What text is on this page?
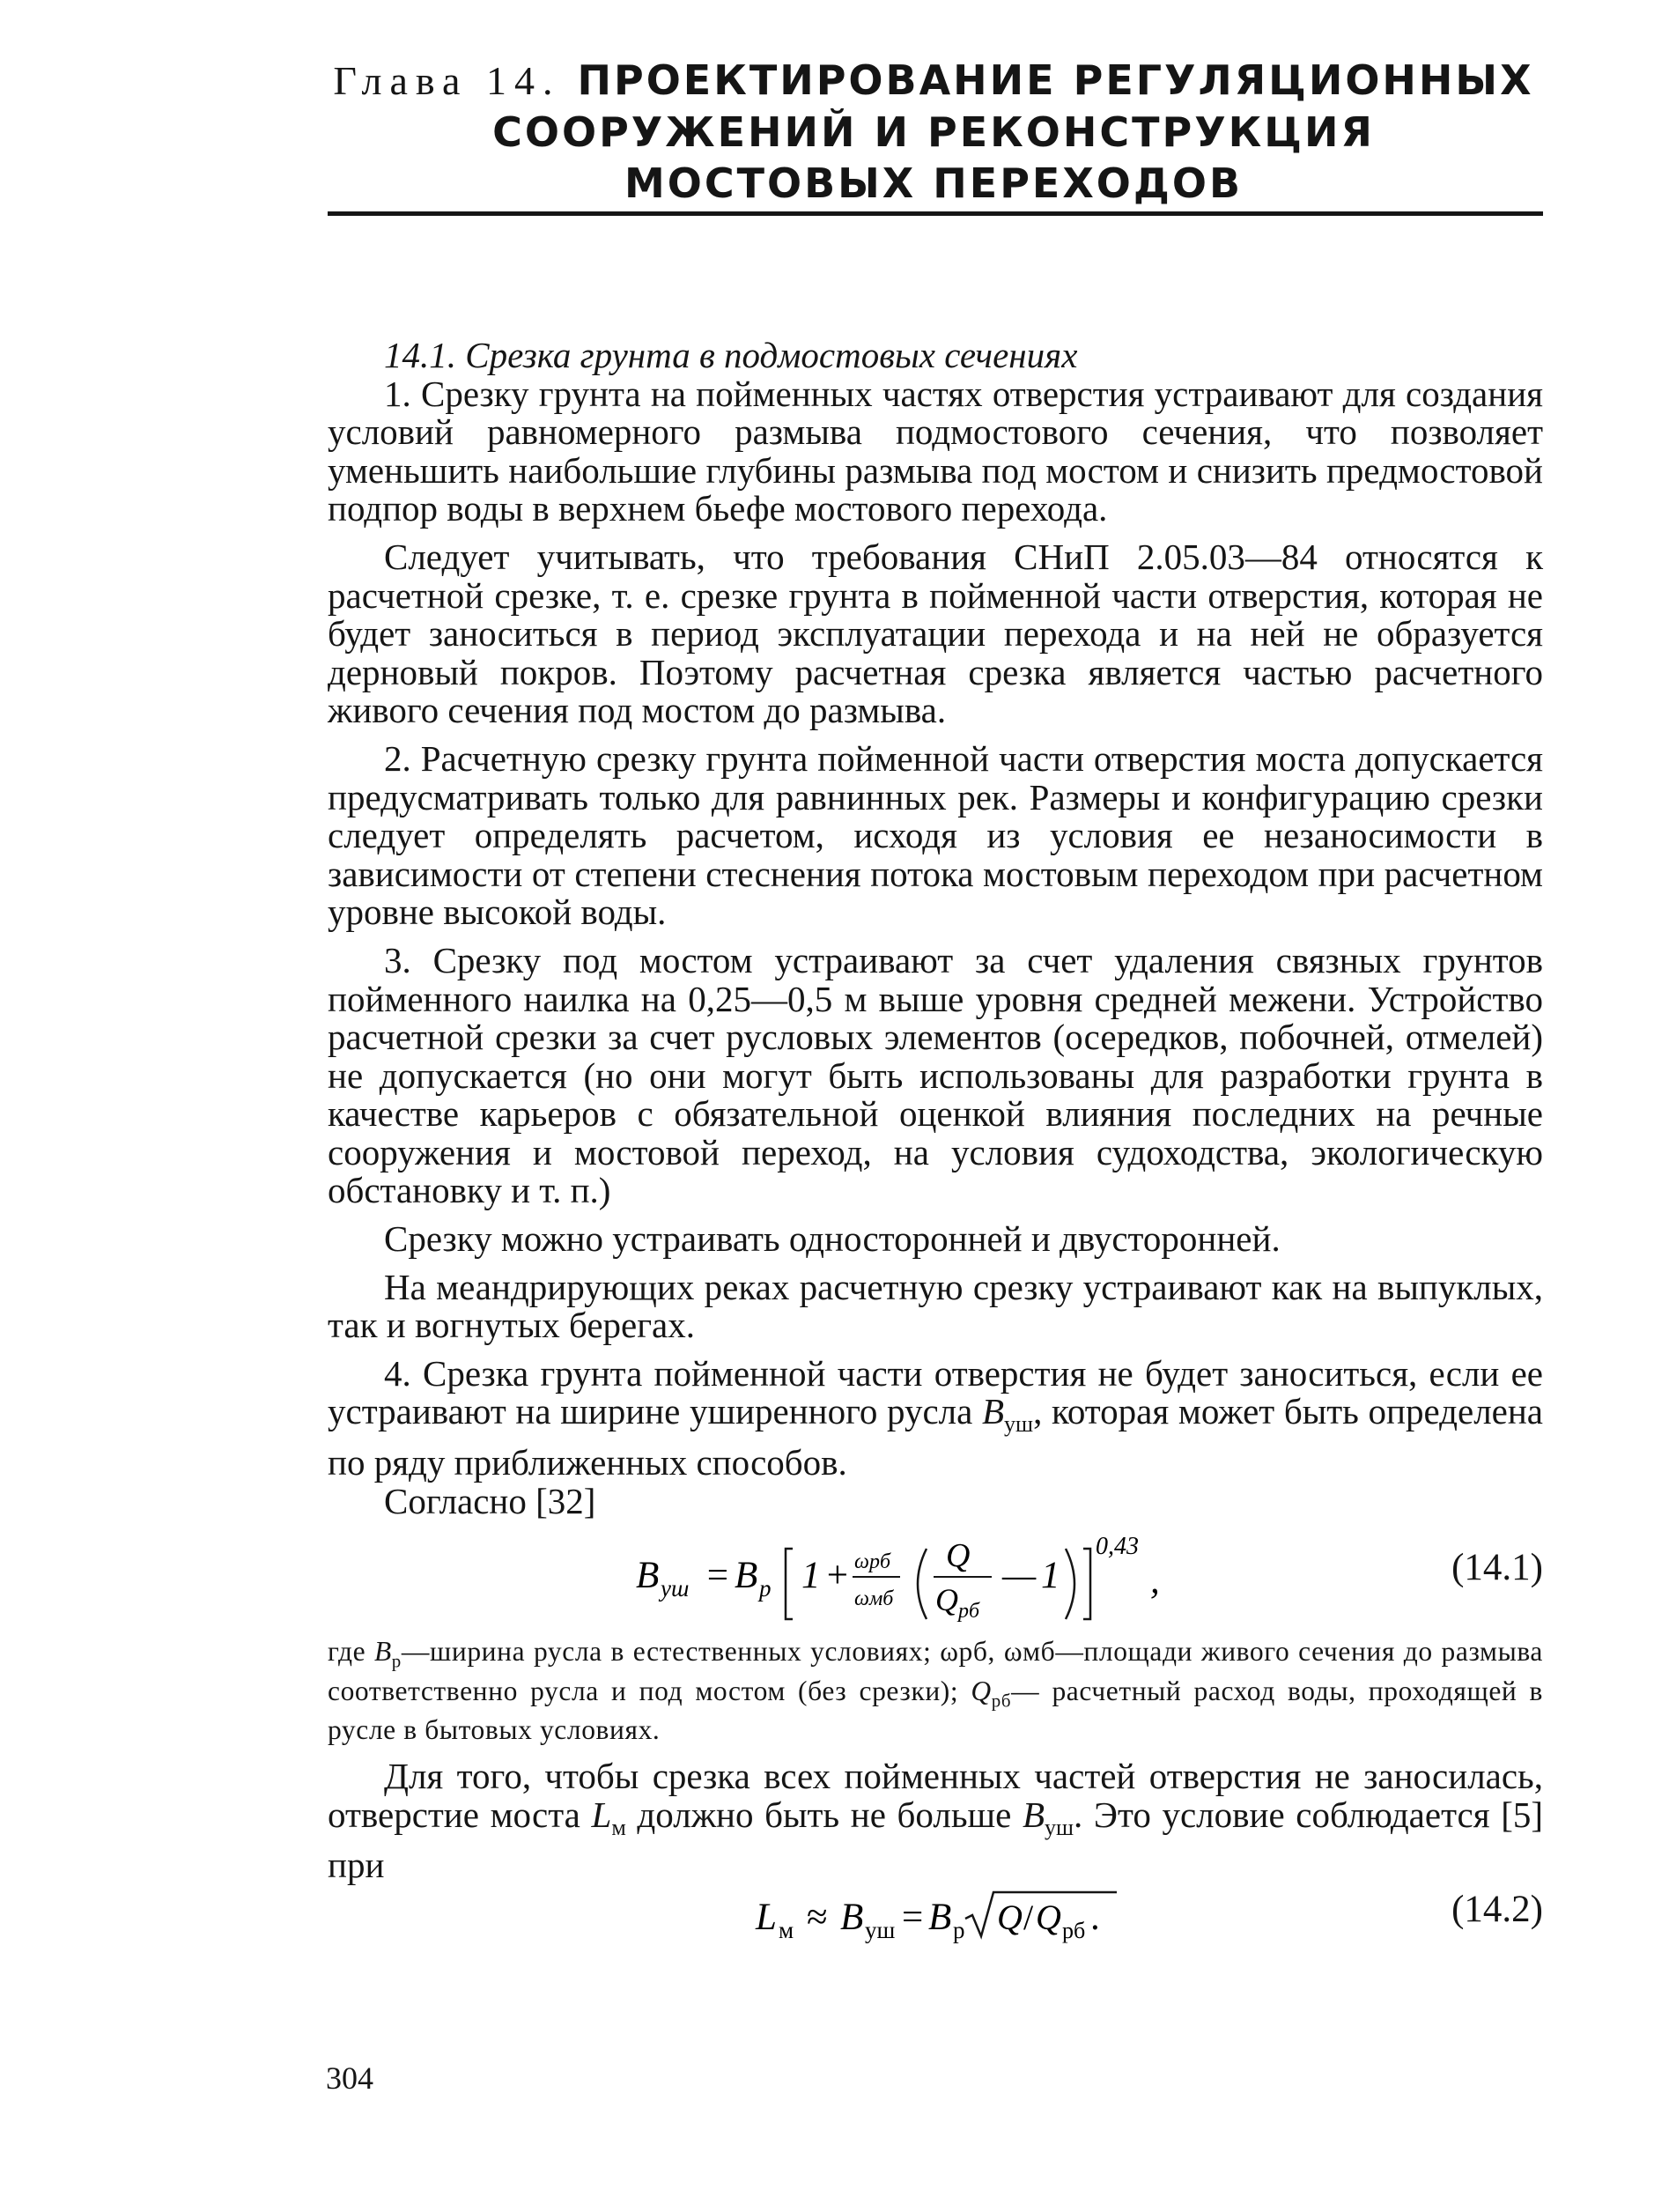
Глава 14. ПРОЕКТИРОВАНИЕ РЕГУЛЯЦИОННЫХ
СООРУЖЕНИЙ И РЕКОНСТРУКЦИЯ
МОСТОВЫХ ПЕРЕХОДОВ
14.1. Срезка грунта в подмостовых сечениях

1. Срезку грунта на пойменных частях отверстия устраивают для создания условий равномерного размыва подмостового сечения, что позволяет уменьшить наибольшие глубины размыва под мостом и снизить предмостовой подпор воды в верхнем бьефе мостового перехода.

Следует учитывать, что требования СНиП 2.05.03—84 относятся к расчетной срезке, т. е. срезке грунта в пойменной части отверстия, которая не будет заноситься в период эксплуатации перехода и на ней не образуется дерновый покров. Поэтому расчетная срезка является частью расчетного живого сечения под мостом до размыва.

2. Расчетную срезку грунта пойменной части отверстия моста допускается предусматривать только для равнинных рек. Размеры и конфигурацию срезки следует определять расчетом, исходя из условия ее незаносимости в зависимости от степени стеснения потока мостовым переходом при расчетном уровне высокой воды.

3. Срезку под мостом устраивают за счет удаления связных грунтов пойменного наилка на 0,25—0,5 м выше уровня средней межени. Устройство расчетной срезки за счет русловых элементов (осередков, побочней, отмелей) не допускается (но они могут быть использованы для разработки грунта в качестве карьеров с обязательной оценкой влияния последних на речные сооружения и мостовой переход, на условия судоходства, экологическую обстановку и т. п.)

Срезку можно устраивать односторонней и двусторонней.

На меандрирующих реках расчетную срезку устраивают как на выпуклых, так и вогнутых берегах.

4. Срезка грунта пойменной части отверстия не будет заноситься, если ее устраивают на ширине уширенного русла $B_{уш}$, которая может быть определена по ряду приближенных способов.

Согласно [32]

B уш = B р 1 + ωрб
ωмб
Q
Q рб
— 1
0,43
,	(14.1)
где $B_р—ширина$ русла в естественных условиях; ωрб, ωмб—площади живого сечения до размыва соответственно русла и под мостом (без срезки); $Q_{рб}—$ расчетный расход воды, проходящей в русле в бытовых условиях.

Для того, чтобы срезка всех пойменных частей отверстия не заносилась, отверстие моста $L_м$ должно быть не больше $B_{уш}$. Это условие соблюдается [5] при

L м ≈ B уш = B р Q / Q рб .	(14.2)
304
